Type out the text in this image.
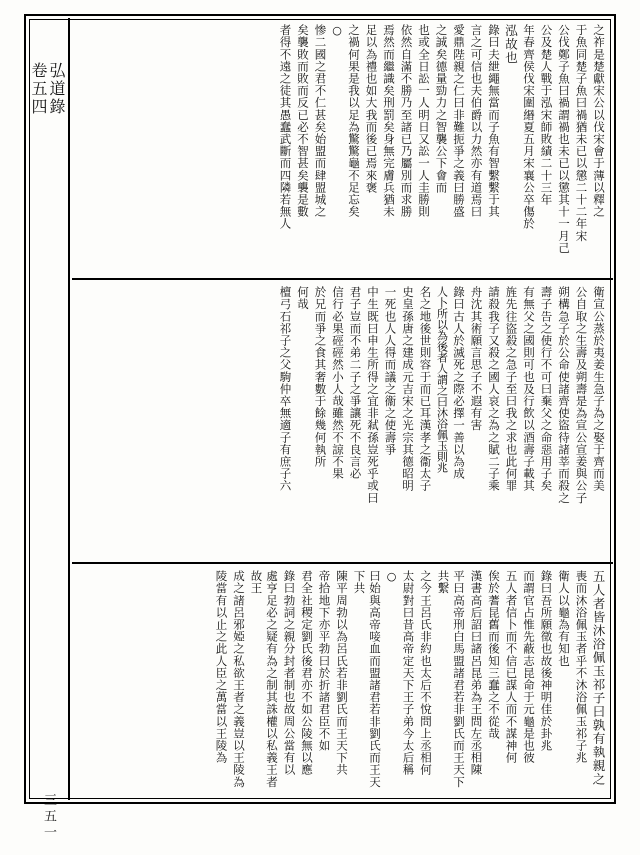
卷五四 弘道錄
三五一
之祚是楚獻宋公以伐宋會于薄以釋之
于魚同楚子魚曰禍猶未已以懲二十二年宋
公伐鄭子魚曰禍謂禍也未已以懲其十一月己
公及楚人戰于泓宋師敗績二十三年
年春齊侯伐宋圍緡夏五月宋襄公卒傷於
泓故也
錄曰夫紲繩無當而子魚有智繫繫于其
言之可信也夫伯爵以力然亦有道焉曰
愛鼎陛親之仁曰非難扼爭之義曰勝盛
之誠矣德量勁力之智襲公下會而
也或全日訟一人明日又訟一人圭勝則
依然自滿不勝乃至諸已乃屬別而求勝
焉然而繼識矣刑罰矣身無完膚兵猶未
足以為禮也如大我而後已焉來褒
之禍何果是我以足為驚驚龜不足忘矣
○
惨二國之君不仁甚矣始盟而肆盟城之
矣襲敗而敗而反已必不智甚矣襲是數
者得不遠之徒其愚蠢武斷而四隣若無人
衛宣公蒸於夷姜生急子為之娶于齊而美
公自取之生壽及朔壽是為宣公宣姜與公子
朔構急子於公命使諸齊使盜待諸莘而殺之
壽子告之使行不可曰棄父之命惡用子矣
有無父之國則可也及行飲以酒壽子載其
旌先往盜殺之急子至曰我之求也此何罪
請殺我子又殺之國人哀之為之賦二子乘
舟沈其術願言思子不遐有害
錄曰古人於滅死之際必擇一善以為成
人卜所以為後者人謂之曰沐浴佩玉則兆
名之地後世則容于而已耳漢孝之衞太子
史皇孫唐之建成元吉宋之光宗其德昭明
一死也人人得而議之衞之使壽爭
中生既曰申生所得之宜非弒孫豈死乎或曰
君子豈而不弟二子之爭讓死不良言必
信行必果硜硜然小人哉雖然不諒不果
於兄而爭之食其奢數于餘幾何執所
何哉
檀弓石祁子之父駒仲卒無適子有庶子六
五人者皆沐浴佩玉祁子曰孰有執親之
喪而沐浴佩玉者乎不沐浴佩玉祁子兆
衛人以龜為有知也
錄曰吾所願徵也故後神明佳於卦兆
而謂官占惟先蔽志昆命于元龜是也彼
五人者信卜而不信已謀人而不謀神何
俟於蓍昆舊而後知三蠢之不從哉
漢書高后詔曰諸呂昆弟為王問左丞相陳
平曰高帝刑白馬盟諸君若非劉氏而王天下共繫
之今王呂氏非約也太后不悅問上丞相何
太尉對曰昔高帝定天下王子弟今太后稱
○
曰始與高帝唼血而盟諸君若非劉氏而王天下共
陳平周勃以為呂氏若非劉氏而王天下共
帝拾地下亦平勃曰於折諸君臣不如
君全社稷定劉氏後君亦不如公陵無以應
錄曰勃詞之親分封者制也故周公當有以
處亨足必之疑有為之制其誅權以私義王者故王
成之諸呂邪婭之私欲王者之義豈以王陵為
陵當有以止之此人臣之萬當以王陵為
